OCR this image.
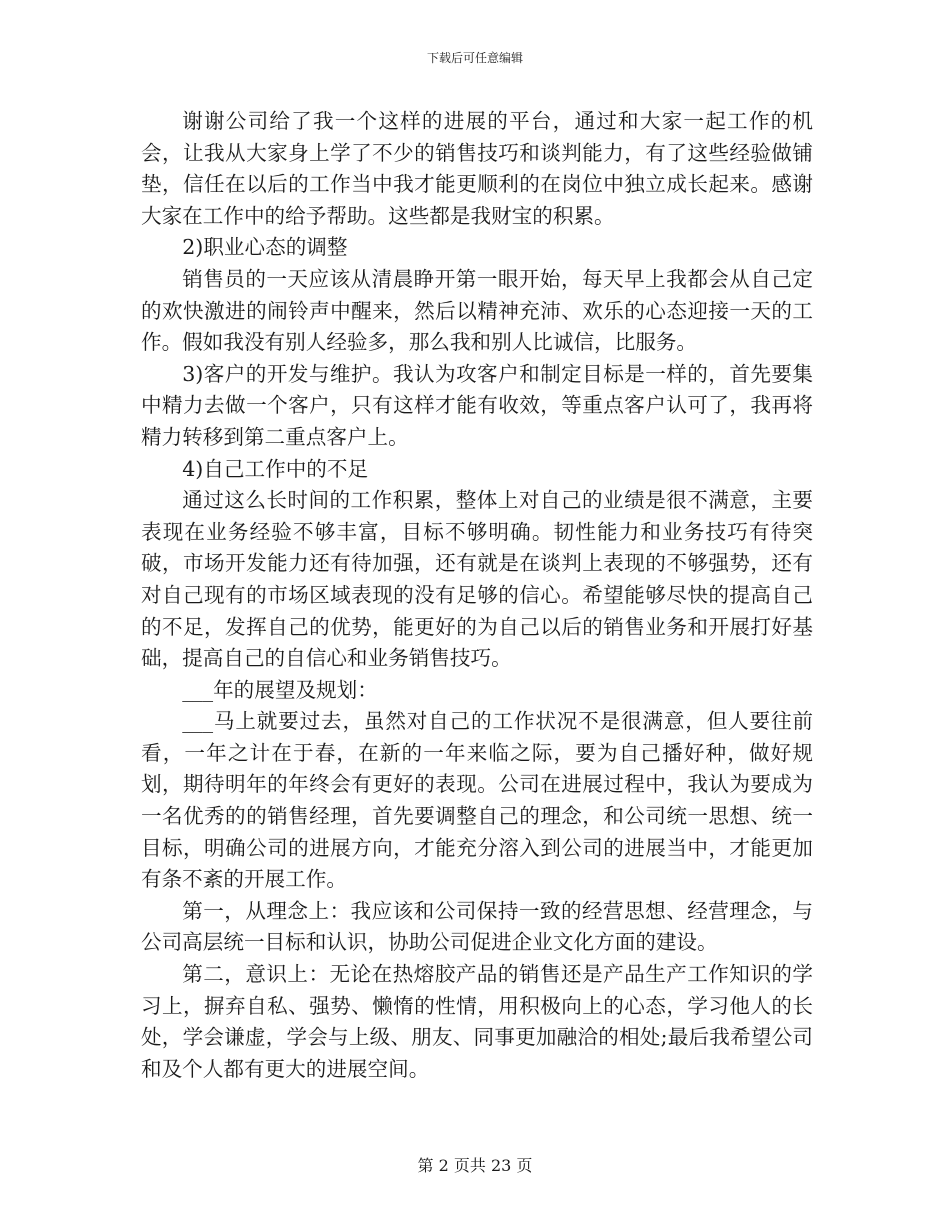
下载后可任意编辑

谢谢公司给了我一个这样的进展的平台，通过和大家一起工作的机会，让我从大家身上学了不少的销售技巧和谈判能力，有了这些经验做铺垫，信任在以后的工作当中我才能更顺利的在岗位中独立成长起来。感谢大家在工作中的给予帮助。这些都是我财宝的积累。

2)职业心态的调整

销售员的一天应该从清晨睁开第一眼开始，每天早上我都会从自己定的欢快激进的闹铃声中醒来，然后以精神充沛、欢乐的心态迎接一天的工作。假如我没有别人经验多，那么我和别人比诚信，比服务。

3)客户的开发与维护。我认为攻客户和制定目标是一样的，首先要集中精力去做一个客户，只有这样才能有收效，等重点客户认可了，我再将精力转移到第二重点客户上。

4)自己工作中的不足

通过这么长时间的工作积累，整体上对自己的业绩是很不满意，主要表现在业务经验不够丰富，目标不够明确。韧性能力和业务技巧有待突破，市场开发能力还有待加强，还有就是在谈判上表现的不够强势，还有对自己现有的市场区域表现的没有足够的信心。希望能够尽快的提高自己的不足，发挥自己的优势，能更好的为自己以后的销售业务和开展打好基础，提高自己的自信心和业务销售技巧。

___年的展望及规划：

___马上就要过去，虽然对自己的工作状况不是很满意，但人要往前看，一年之计在于春，在新的一年来临之际，要为自己播好种，做好规划，期待明年的年终会有更好的表现。公司在进展过程中，我认为要成为一名优秀的的销售经理，首先要调整自己的理念，和公司统一思想、统一目标，明确公司的进展方向，才能充分溶入到公司的进展当中，才能更加有条不紊的开展工作。

第一，从理念上：我应该和公司保持一致的经营思想、经营理念，与公司高层统一目标和认识，协助公司促进企业文化方面的建设。

第二，意识上：无论在热熔胶产品的销售还是产品生产工作知识的学习上，摒弃自私、强势、懒惰的性情，用积极向上的心态，学习他人的长处，学会谦虚，学会与上级、朋友、同事更加融洽的相处;最后我希望公司和及个人都有更大的进展空间。

第 2 页共 23 页
